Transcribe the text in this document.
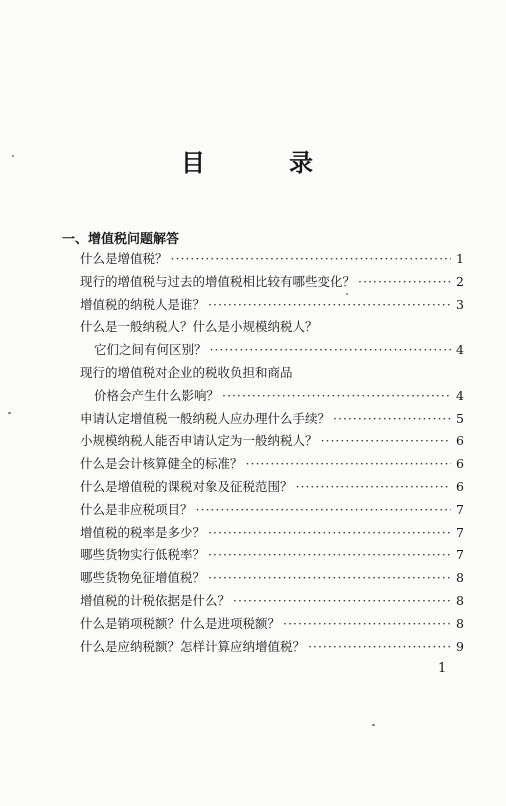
目　录
一、增值税问题解答
什么是增值税？ ·····	1
现行的增值税与过去的增值税相比较有哪些变化？ ·····	2
增值税的纳税人是谁？ ·····	3
什么是一般纳税人？什么是小规模纳税人？
它们之间有何区别？ ·····	4
现行的增值税对企业的税收负担和商品
价格会产生什么影响？ ·····	4
申请认定增值税一般纳税人应办理什么手续？ ·····	5
小规模纳税人能否申请认定为一般纳税人？ ·····	6
什么是会计核算健全的标准？ ·····	6
什么是增值税的课税对象及征税范围？ ·····	6
什么是非应税项目？ ·····	7
增值税的税率是多少？ ·····	7
哪些货物实行低税率？ ·····	7
哪些货物免征增值税？ ·····	8
增值税的计税依据是什么？ ·····	8
什么是销项税额？什么是进项税额？ ·····	8
什么是应纳税额？怎样计算应纳增值税？ ·····	9
1
